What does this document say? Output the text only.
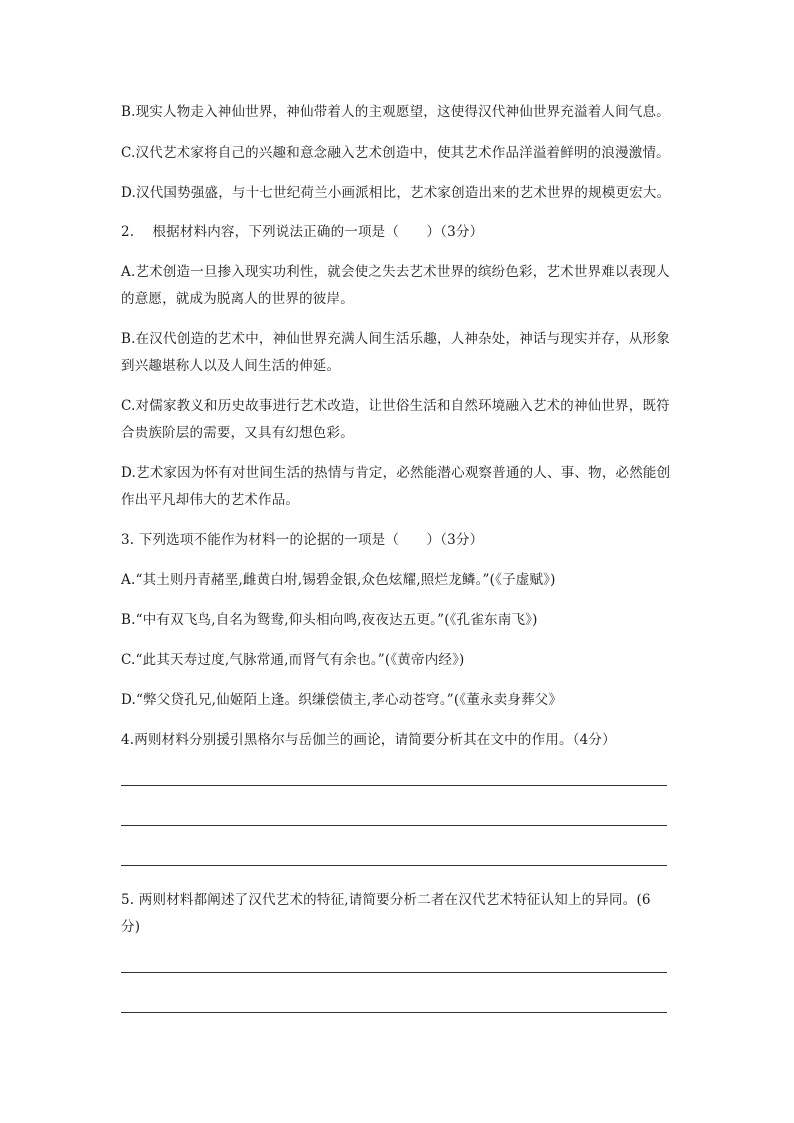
B.现实人物走入神仙世界，神仙带着人的主观愿望，这使得汉代神仙世界充溢着人间气息。
C.汉代艺术家将自己的兴趣和意念融入艺术创造中，使其艺术作品洋溢着鲜明的浪漫激情。
D.汉代国势强盛，与十七世纪荷兰小画派相比，艺术家创造出来的艺术世界的规模更宏大。
2.　 根据材料内容，下列说法正确的一项是（　　）（3分）
A.艺术创造一旦掺入现实功利性，就会使之失去艺术世界的缤纷色彩，艺术世界难以表现人
的意愿，就成为脱离人的世界的彼岸。
B.在汉代创造的艺术中，神仙世界充满人间生活乐趣，人神杂处，神话与现实并存，从形象
到兴趣堪称人以及人间生活的伸延。
C.对儒家教义和历史故事进行艺术改造，让世俗生活和自然环境融入艺术的神仙世界，既符
合贵族阶层的需要，又具有幻想色彩。
D.艺术家因为怀有对世间生活的热情与肯定，必然能潜心观察普通的人、事、物，必然能创
作出平凡却伟大的艺术作品。
3. 下列选项不能作为材料一的论据的一项是（　　）（3分）
A.“其土则丹青赭垩,雌黄白坿,锡碧金银,众色炫耀,照烂龙鳞。”(《子虚赋》)
B.“中有双飞鸟,自名为鸳鸯,仰头相向鸣,夜夜达五更。”(《孔雀东南飞》)
C.“此其天寿过度,气脉常通,而肾气有余也。”(《黄帝内经》)
D.“弊父贷孔兄,仙姬陌上逢。织缣偿债主,孝心动苍穹。”(《董永卖身葬父》
4.两则材料分别援引黑格尔与岳伽兰的画论，请简要分析其在文中的作用。（4分）
5. 两则材料都阐述了汉代艺术的特征,请简要分析二者在汉代艺术特征认知上的异同。(6
分)
